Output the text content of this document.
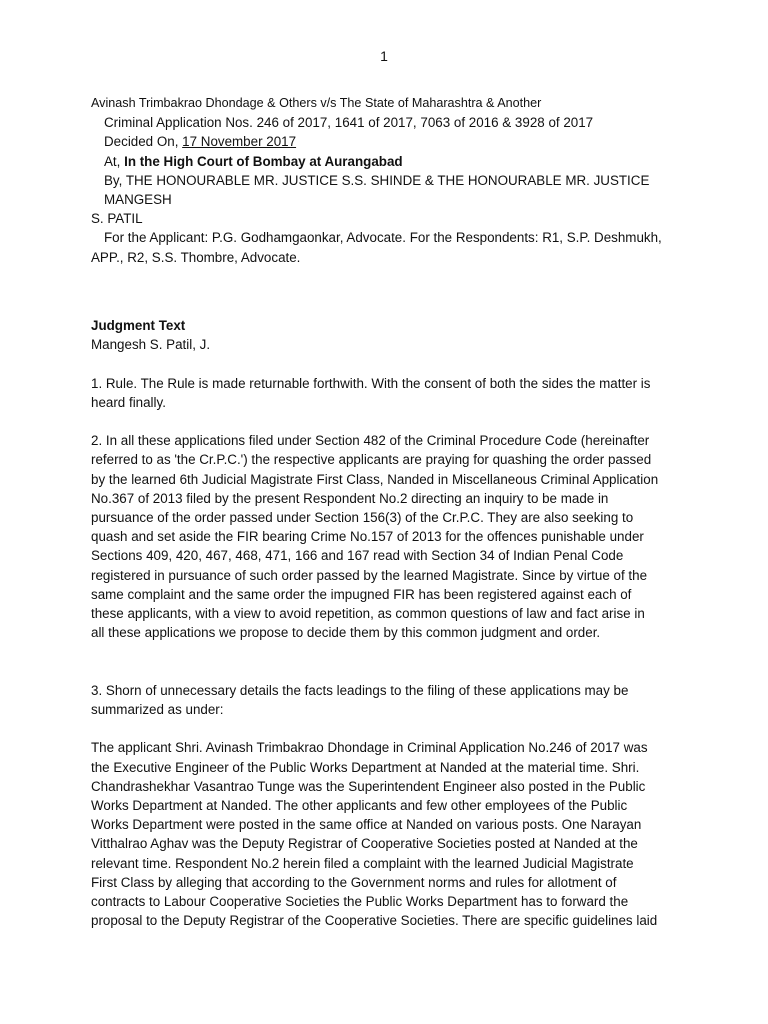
1
Avinash Trimbakrao Dhondage & Others v/s The State of Maharashtra & Another
Criminal Application Nos. 246 of 2017, 1641 of 2017, 7063 of 2016 & 3928 of 2017
Decided On, 17 November 2017
At, In the High Court of Bombay at Aurangabad
By, THE HONOURABLE MR. JUSTICE S.S. SHINDE & THE HONOURABLE MR. JUSTICE MANGESH
S. PATIL
For the Applicant: P.G. Godhamgaonkar, Advocate. For the Respondents: R1, S.P. Deshmukh,
APP., R2, S.S. Thombre, Advocate.

Judgment Text

Mangesh S. Patil, J.

1. Rule. The Rule is made returnable forthwith. With the consent of both the sides the matter is

heard finally.

2. In all these applications filed under Section 482 of the Criminal Procedure Code (hereinafter

referred to as 'the Cr.P.C.') the respective applicants are praying for quashing the order passed

by the learned 6th Judicial Magistrate First Class, Nanded in Miscellaneous Criminal Application

No.367 of 2013 filed by the present Respondent No.2 directing an inquiry to be made in

pursuance of the order passed under Section 156(3) of the Cr.P.C. They are also seeking to

quash and set aside the FIR bearing Crime No.157 of 2013 for the offences punishable under

Sections 409, 420, 467, 468, 471, 166 and 167 read with Section 34 of Indian Penal Code

registered in pursuance of such order passed by the learned Magistrate. Since by virtue of the

same complaint and the same order the impugned FIR has been registered against each of

these applicants, with a view to avoid repetition, as common questions of law and fact arise in

all these applications we propose to decide them by this common judgment and order.

3. Shorn of unnecessary details the facts leadings to the filing of these applications may be

summarized as under:

The applicant Shri. Avinash Trimbakrao Dhondage in Criminal Application No.246 of 2017 was

the Executive Engineer of the Public Works Department at Nanded at the material time. Shri.

Chandrashekhar Vasantrao Tunge was the Superintendent Engineer also posted in the Public

Works Department at Nanded. The other applicants and few other employees of the Public

Works Department were posted in the same office at Nanded on various posts. One Narayan

Vitthalrao Aghav was the Deputy Registrar of Cooperative Societies posted at Nanded at the

relevant time. Respondent No.2 herein filed a complaint with the learned Judicial Magistrate

First Class by alleging that according to the Government norms and rules for allotment of

contracts to Labour Cooperative Societies the Public Works Department has to forward the

proposal to the Deputy Registrar of the Cooperative Societies. There are specific guidelines laid
